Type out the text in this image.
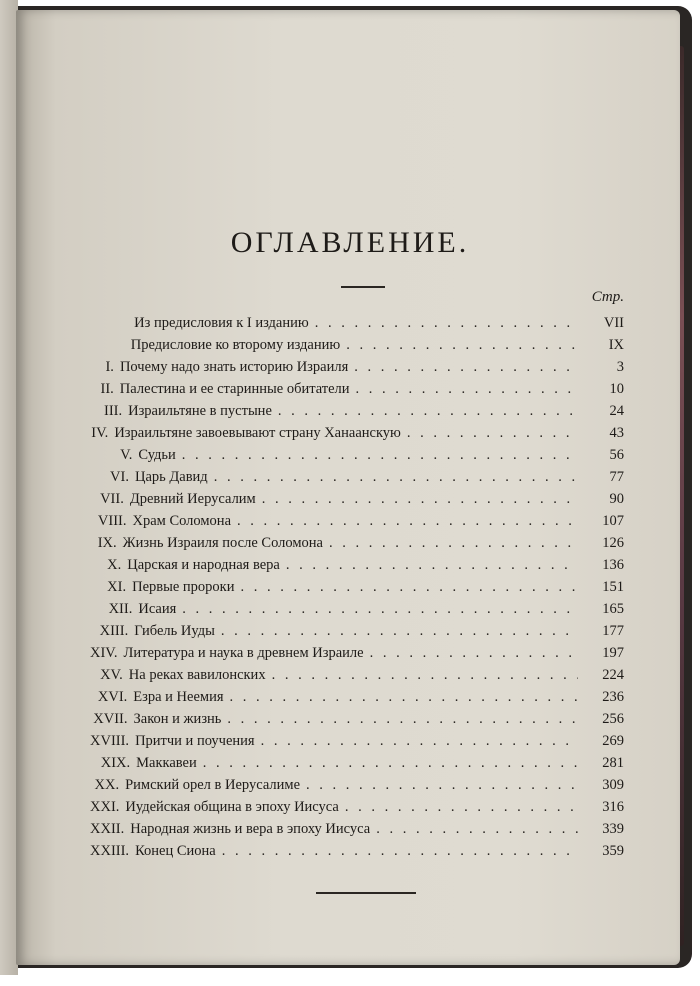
ОГЛАВЛЕНИЕ.
Стр.
Из предисловия к I изданию . . .	VII
Предисловие ко второму изданию . . .	IX
I. Почему надо знать историю Израиля . . .	3
II. Палестина и ее старинные обитатели . . .	10
III. Израильтяне в пустыне . . .	24
IV. Израильтяне завоевывают страну Ханаанскую . . .	43
V. Судьи . . .	56
VI. Царь Давид . . .	77
VII. Древний Иерусалим . . .	90
VIII. Храм Соломона . . .	107
IX. Жизнь Израиля после Соломона . . .	126
X. Царская и народная вера . . .	136
XI. Первые пророки . . .	151
XII. Исаия . . .	165
XIII. Гибель Иуды . . .	177
XIV. Литература и наука в древнем Израиле . . .	197
XV. На реках вавилонских . . .	224
XVI. Езра и Неемия . . .	236
XVII. Закон и жизнь . . .	256
XVIII. Притчи и поучения . . .	269
XIX. Маккавеи . . .	281
XX. Римский орел в Иерусалиме . . .	309
XXI. Иудейская община в эпоху Иисуса . . .	316
XXII. Народная жизнь и вера в эпоху Иисуса . . .	339
XXIII. Конец Сиона . . .	359
